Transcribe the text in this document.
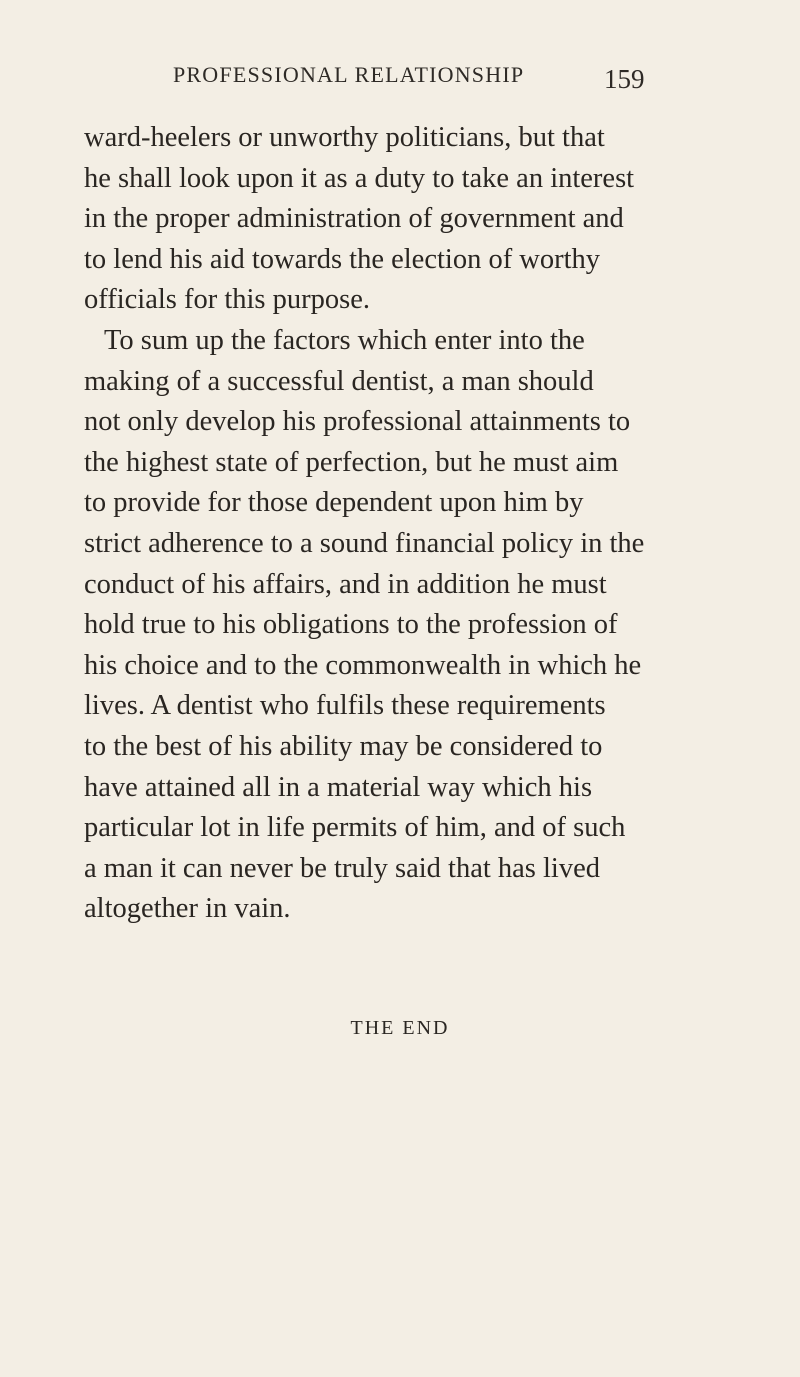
PROFESSIONAL RELATIONSHIP	159
ward-heelers or unworthy politicians, but that
he shall look upon it as a duty to take an interest
in the proper administration of government and
to lend his aid towards the election of worthy
officials for this purpose.
To sum up the factors which enter into the
making of a successful dentist, a man should
not only develop his professional attainments to
the highest state of perfection, but he must aim
to provide for those dependent upon him by
strict adherence to a sound financial policy in the
conduct of his affairs, and in addition he must
hold true to his obligations to the profession of
his choice and to the commonwealth in which he
lives. A dentist who fulfils these requirements
to the best of his ability may be considered to
have attained all in a material way which his
particular lot in life permits of him, and of such
a man it can never be truly said that has lived
altogether in vain.
THE END
